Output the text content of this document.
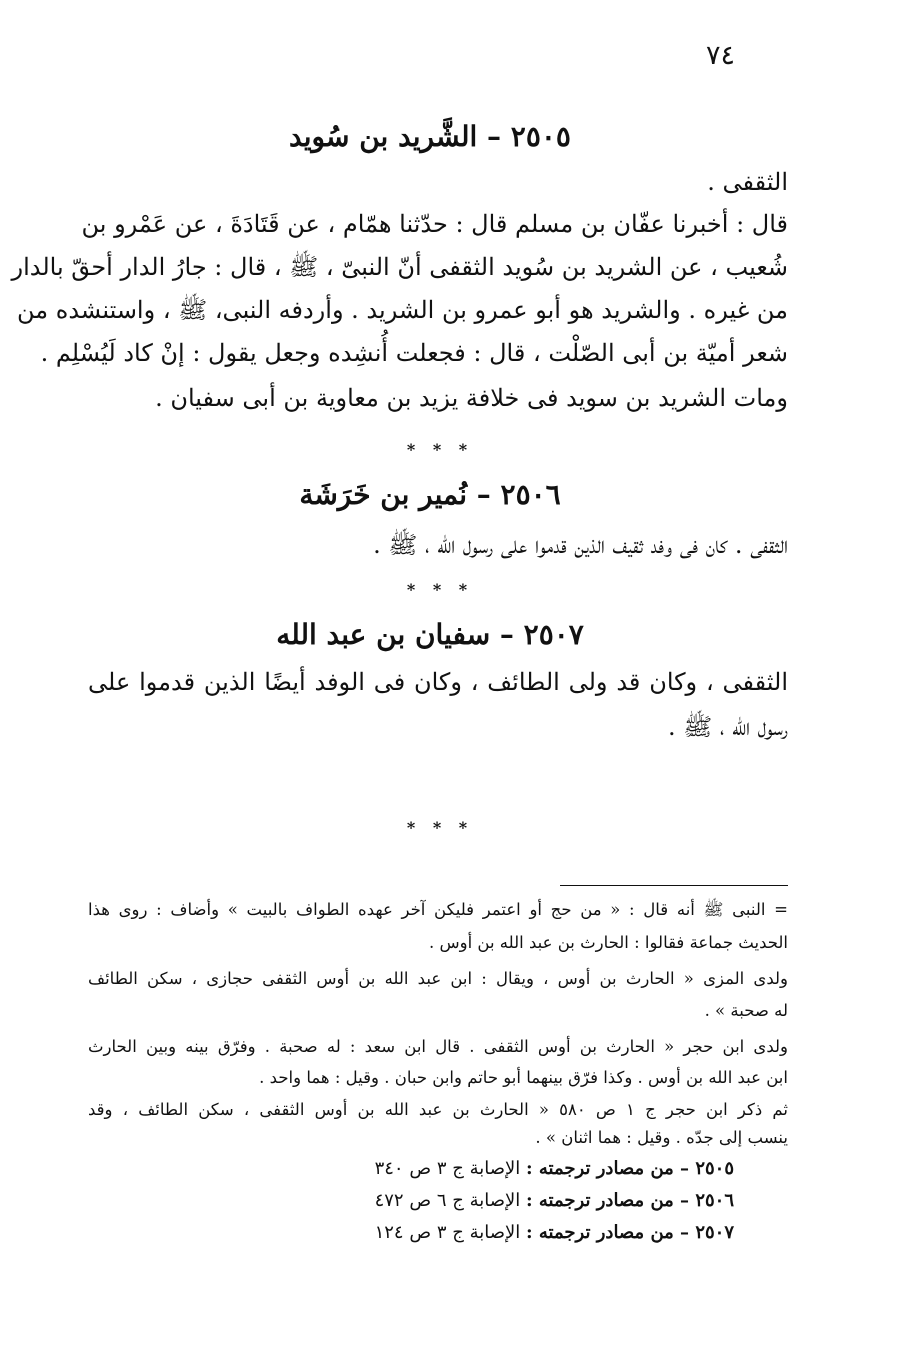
٧٤
٢٥٠٥ – الشَّريد بن سُويد
الثقفى .
قال : أخبرنا عفّان بن مسلم قال : حدّثنا همّام ، عن قَتَادَةَ ، عن عَمْرو بن
شُعيب ، عن الشريد بن سُويد الثقفى أنّ النبىّ ، ﷺ ، قال : جارُ الدار أحقّ بالدار
من غيره . والشريد هو أبو عمرو بن الشريد . وأردفه النبى، ﷺ ، واستنشده من
شعر أميّة بن أبى الصّلْت ، قال : فجعلت أُنشِده وجعل يقول : إنْ كاد لَيُسْلِم .
ومات الشريد بن سويد فى خلافة يزيد بن معاوية بن أبى سفيان .
* * *
٢٥٠٦ – نُمير بن خَرَشَة
الثقفى . كان فى وفد ثقيف الذين قدموا على رسول الله ، ﷺ .
* * *
٢٥٠٧ – سفيان بن عبد الله
الثقفى ، وكان قد ولى الطائف ، وكان فى الوفد أيضًا الذين قدموا على
رسول الله ، ﷺ .
* * *
= النبى ﷺ أنه قال : « من حج أو اعتمر فليكن آخر عهده الطواف بالبيت » وأضاف : روى هذا
الحديث جماعة فقالوا : الحارث بن عبد الله بن أوس .
ولدى المزى « الحارث بن أوس ، ويقال : ابن عبد الله بن أوس الثقفى حجازى ، سكن الطائف
له صحبة » .
ولدى ابن حجر « الحارث بن أوس الثقفى . قال ابن سعد : له صحبة . وفرّق بينه وبين الحارث
ابن عبد الله بن أوس . وكذا فرّق بينهما أبو حاتم وابن حبان . وقيل : هما واحد .
ثم ذكر ابن حجر ج ١ ص ٥٨٠ « الحارث بن عبد الله بن أوس الثقفى ، سكن الطائف ، وقد
ينسب إلى جدّه . وقيل : هما اثنان » .
٢٥٠٥ – من مصادر ترجمته : الإصابة ج ٣ ص ٣٤٠
٢٥٠٦ – من مصادر ترجمته : الإصابة ج ٦ ص ٤٧٢
٢٥٠٧ – من مصادر ترجمته : الإصابة ج ٣ ص ١٢٤
